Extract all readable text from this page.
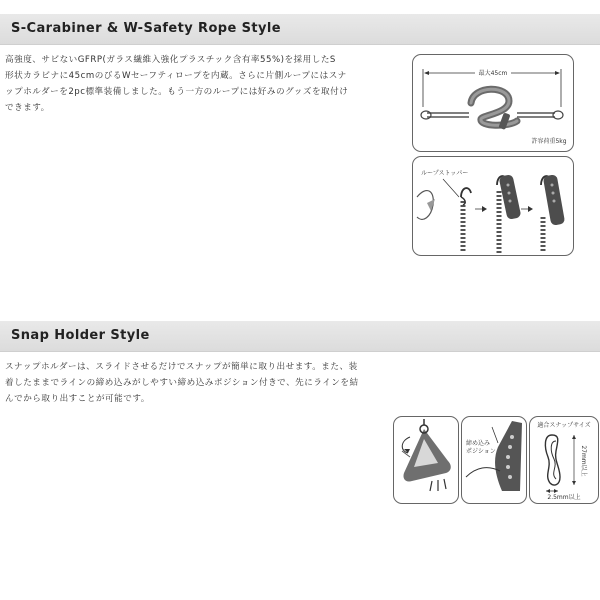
S-Carabiner & W-Safety Rope Style
高強度、サビないGFRP(ガラス繊維入強化プラスチック含有率55%)を採用したS
形状カラビナに45cmのびるWセーフティロープを内蔵。さらに片側ループにはスナ
ップホルダーを2pc標準装備しました。もう一方のループには好みのグッズを取付け
できます。
最大45cm
許容荷重5kg
ループストッパー
Snap Holder Style
スナップホルダーは、スライドさせるだけでスナップが簡単に取り出せます。また、装
着したままでラインの締め込みがしやすい締め込みポジション付きで、先にラインを結
んでから取り出すことが可能です。
締め込み
ポジション
適合スナップサイズ
27mm以上
2.5mm以上
